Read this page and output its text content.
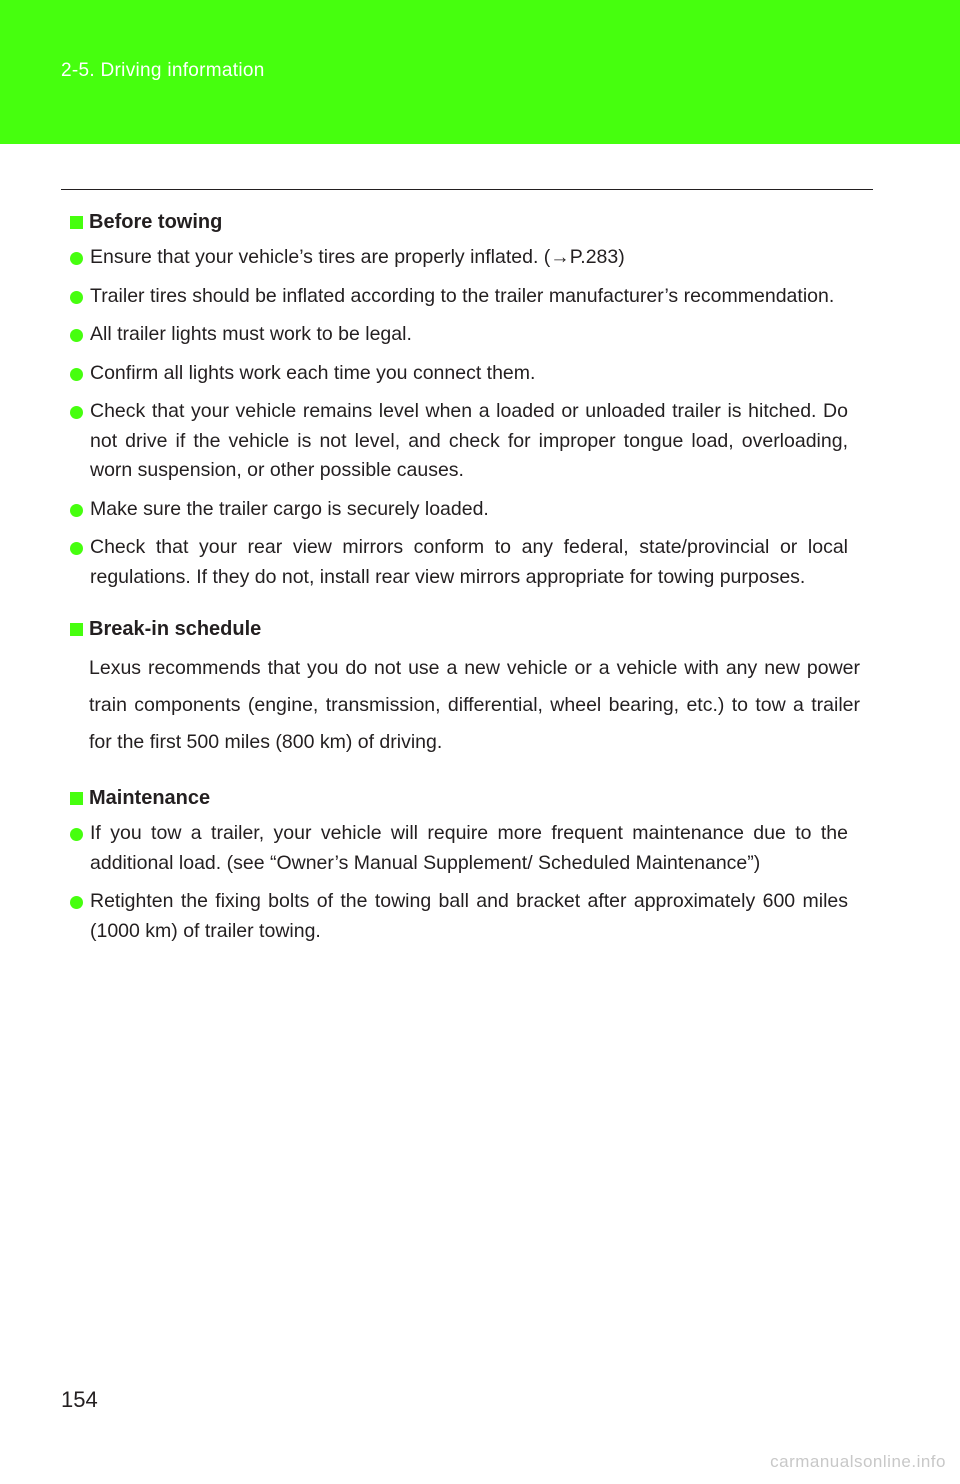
2-5. Driving information
Before towing
Ensure that your vehicle’s tires are properly inflated. (→P.283)
Trailer tires should be inflated according to the trailer manufacturer’s recommendation.
All trailer lights must work to be legal.
Confirm all lights work each time you connect them.
Check that your vehicle remains level when a loaded or unloaded trailer is hitched. Do not drive if the vehicle is not level, and check for improper tongue load, overloading, worn suspension, or other possible causes.
Make sure the trailer cargo is securely loaded.
Check that your rear view mirrors conform to any federal, state/provincial or local regulations. If they do not, install rear view mirrors appropriate for towing purposes.
Break-in schedule
Lexus recommends that you do not use a new vehicle or a vehicle with any new power train components (engine, transmission, differential, wheel bearing, etc.) to tow a trailer for the first 500 miles (800 km) of driving.
Maintenance
If you tow a trailer, your vehicle will require more frequent maintenance due to the additional load. (see “Owner’s Manual Supplement/ Scheduled Maintenance”)
Retighten the fixing bolts of the towing ball and bracket after approximately 600 miles (1000 km) of trailer towing.
154
carmanualsonline.info
